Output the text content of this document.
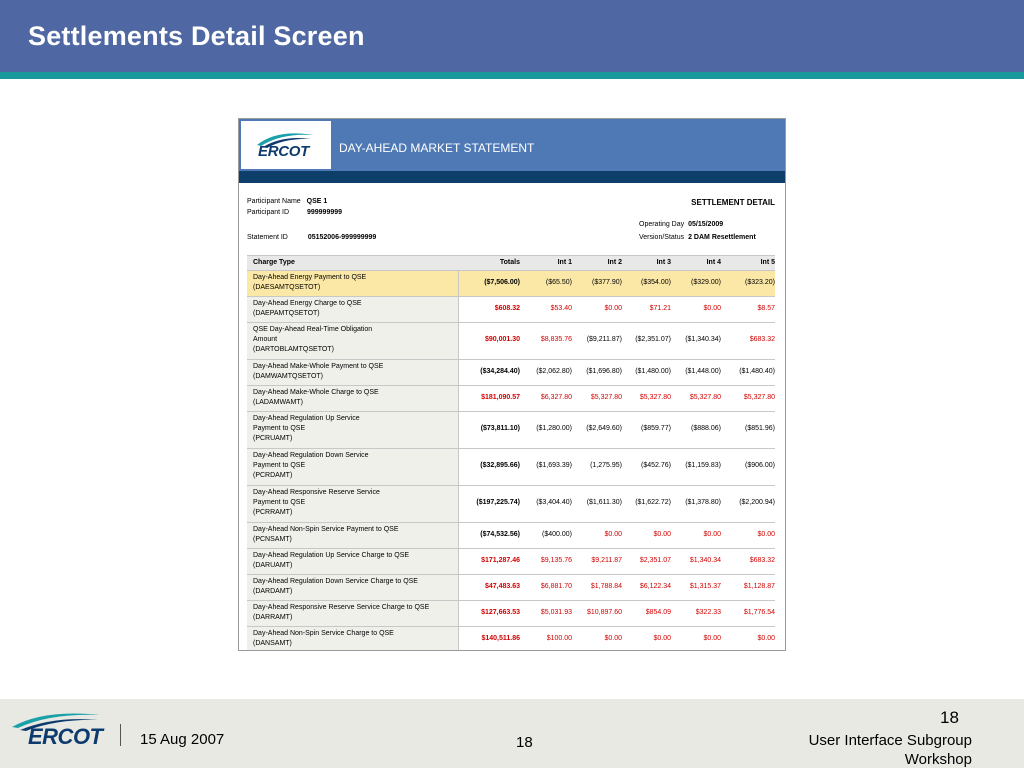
Settlements Detail Screen
ERCOT DAY-AHEAD MARKET STATEMENT
Participant Name QSE 1
Participant ID	999999999
Statement ID	05152006-999999999
SETTLEMENT DETAIL
Operating Day 05/15/2009
Version/Status 2 DAM Resettlement
Charge Type	Totals	Int 1	Int 2	Int 3	Int 4	Int 5
Day-Ahead Energy Payment to QSE
(DAESAMTQSETOT)
($7,506.00)	($65.50)	($377.90)	($354.00)	($329.00)	($323.20)
Day-Ahead Energy Charge to QSE
(DAEPAMTQSETOT)
$608.32	$53.40	$0.00	$71.21	$0.00	$8.57
QSE Day-Ahead Real-Time Obligation
Amount
(DARTOBLAMTQSETOT)
$90,001.30	$8,835.76	($9,211.87)	($2,351.07)	($1,340.34)	$683.32
Day-Ahead Make-Whole Payment to QSE
(DAMWAMTQSETOT)
($34,284.40)	($2,062.80)	($1,696.80)	($1,480.00)	($1,448.00)	($1,480.40)
Day-Ahead Make-Whole Charge to QSE
(LADAMWAMT)
$181,090.57	$6,327.80	$5,327.80	$5,327.80	$5,327.80	$5,327.80
Day-Ahead Regulation Up Service
Payment to QSE
(PCRUAMT)
($73,811.10)	($1,280.00)	($2,649.60)	($859.77)	($888.06)	($851.96)
Day-Ahead Regulation Down Service
Payment to QSE
(PCRDAMT)
($32,895.66)	($1,693.39)	(1,275.95)	($452.76)	($1,159.83)	($906.00)
Day-Ahead Responsive Reserve Service
Payment to QSE
(PCRRAMT)
($197,225.74)	($3,404.40)	($1,611.30)	($1,622.72)	($1,378.80)	($2,200.94)
Day-Ahead Non-Spin Service Payment to QSE
(PCNSAMT)
($74,532.56)	($400.00)	$0.00	$0.00	$0.00	$0.00
Day-Ahead Regulation Up Service Charge to QSE
(DARUAMT)
$171,287.46	$9,135.76	$9,211.87	$2,351.07	$1,340.34	$683.32
Day-Ahead Regulation Down Service Charge to QSE
(DARDAMT)
$47,483.63	$6,881.70	$1,788.84	$6,122.34	$1,315.37	$1,128.87
Day-Ahead Responsive Reserve Service Charge to QSE
(DARRAMT)
$127,663.53	$5,031.93	$10,897.60	$854.09	$322.33	$1,776.54
Day-Ahead Non-Spin Service Charge to QSE
(DANSAMT)
$140,511.86	$100.00	$0.00	$0.00	$0.00	$0.00
ERCOT	15 Aug 2007	18
18
User Interface Subgroup
Workshop
